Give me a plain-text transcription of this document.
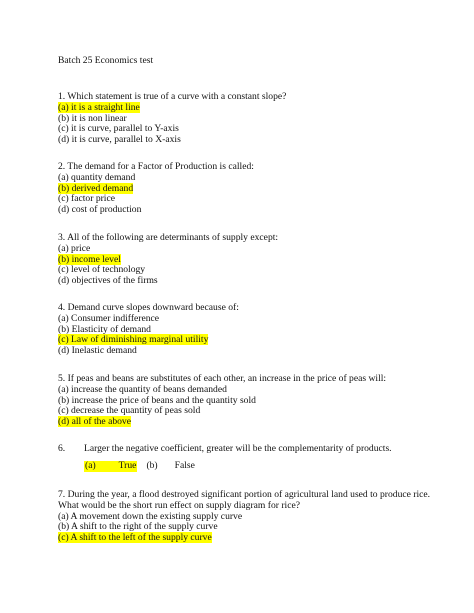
Batch 25 Economics test
1. Which statement is true of a curve with a constant slope?
(a) it is a straight line
(b) it is non linear
(c) it is curve, parallel to Y-axis
(d) it is curve, parallel to X-axis
2. The demand for a Factor of Production is called:
(a) quantity demand
(b) derived demand
(c) factor price
(d) cost of production
3. All of the following are determinants of supply except:
(a) price
(b) income level
(c) level of technology
(d) objectives of the firms
4. Demand curve slopes downward because of:
(a) Consumer indifference
(b) Elasticity of demand
(c) Law of diminishing marginal utility
(d) Inelastic demand
5. If peas and beans are substitutes of each other, an increase in the price of peas will:
(a) increase the quantity of beans demanded
(b) increase the price of beans and the quantity sold
(c) decrease the quantity of peas sold
(d) all of the above
6. Larger the negative coefficient, greater will be the complementarity of products.
(a) True (b) False
7. During the year, a flood destroyed significant portion of agricultural land used to produce rice.
What would be the short run effect on supply diagram for rice?
(a) A movement down the existing supply curve
(b) A shift to the right of the supply curve
(c) A shift to the left of the supply curve
